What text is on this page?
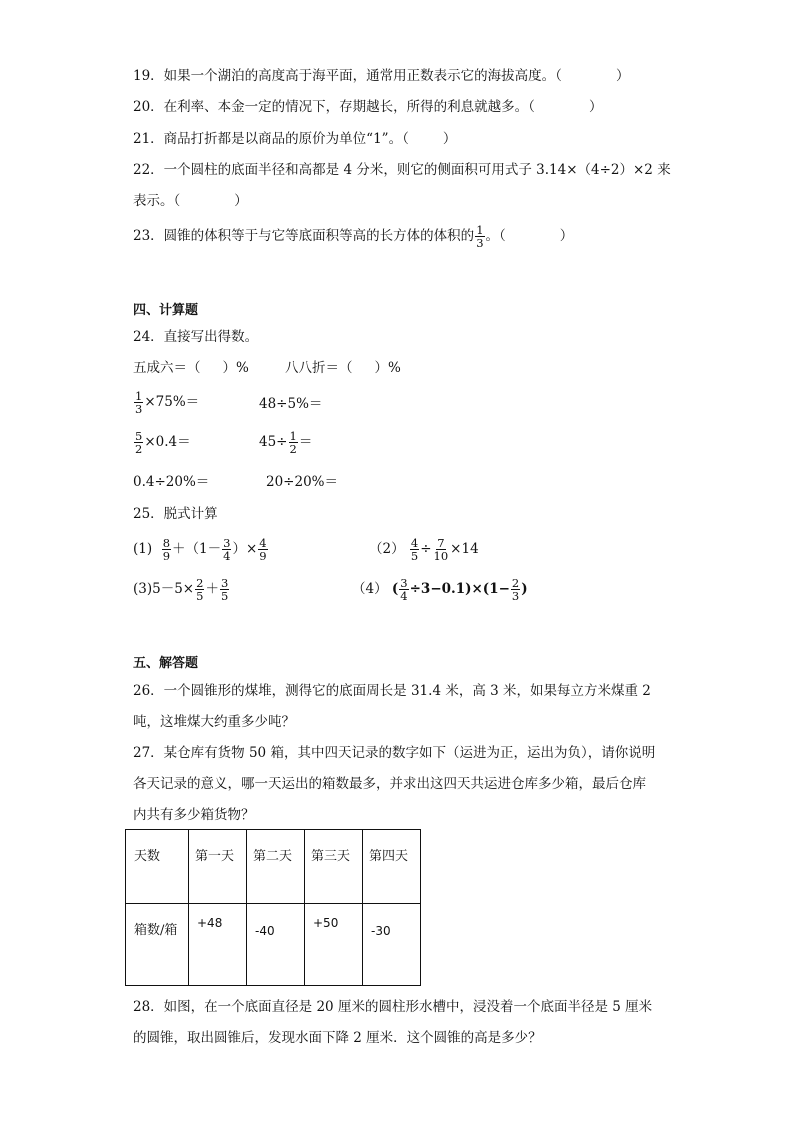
19．如果一个湖泊的高度高于海平面，通常用正数表示它的海拔高度。（	）
20．在利率、本金一定的情况下，存期越长，所得的利息就越多。（	）
21．商品打折都是以商品的原价为单位“1”。（	）
22．一个圆柱的底面半径和高都是 4 分米，则它的侧面积可用式子 3.14×（4÷2）×2 来
表示。（	）
23．圆锥的体积等于与它等底面积等高的长方体的体积的 $\frac{1}{3}$ 。（	）
四、计算题
24．直接写出得数。
五成六＝（ ）%	八八折＝（ ）%
$\frac{1}{3} \times 75\%=$	48÷5%＝
$\frac{5}{2} \times 0.4=$	$45\div \frac{1}{2}$ ＝
0.4÷20%＝	20÷20%＝
25．脱式计算
$(1) \frac{8}{9} +(1- \frac{3}{4}$ ）× $\frac{4}{9}$	$(2) \frac{4}{5} \div \frac{7}{10} \times 14$
$(3)5-5\times \frac{2}{5} + \frac{3}{5}$	（4） ( $\frac{3}{4} \div 3-0.1)\times(1- \frac{2}{3}$ )
五、解答题
26．一个圆锥形的煤堆，测得它的底面周长是 31.4 米，高 3 米，如果每立方米煤重 2
吨，这堆煤大约重多少吨？
27．某仓库有货物 50 箱，其中四天记录的数字如下（运进为正，运出为负），请你说明
各天记录的意义，哪一天运出的箱数最多，并求出这四天共运进仓库多少箱，最后仓库
内共有多少箱货物？
天数	第一天	第二天	第三天	第四天

箱数/箱	+48	-40	+50	-30
28．如图，在一个底面直径是 20 厘米的圆柱形水槽中，浸没着一个底面半径是 5 厘米
的圆锥，取出圆锥后，发现水面下降 2 厘米．这个圆锥的高是多少？
